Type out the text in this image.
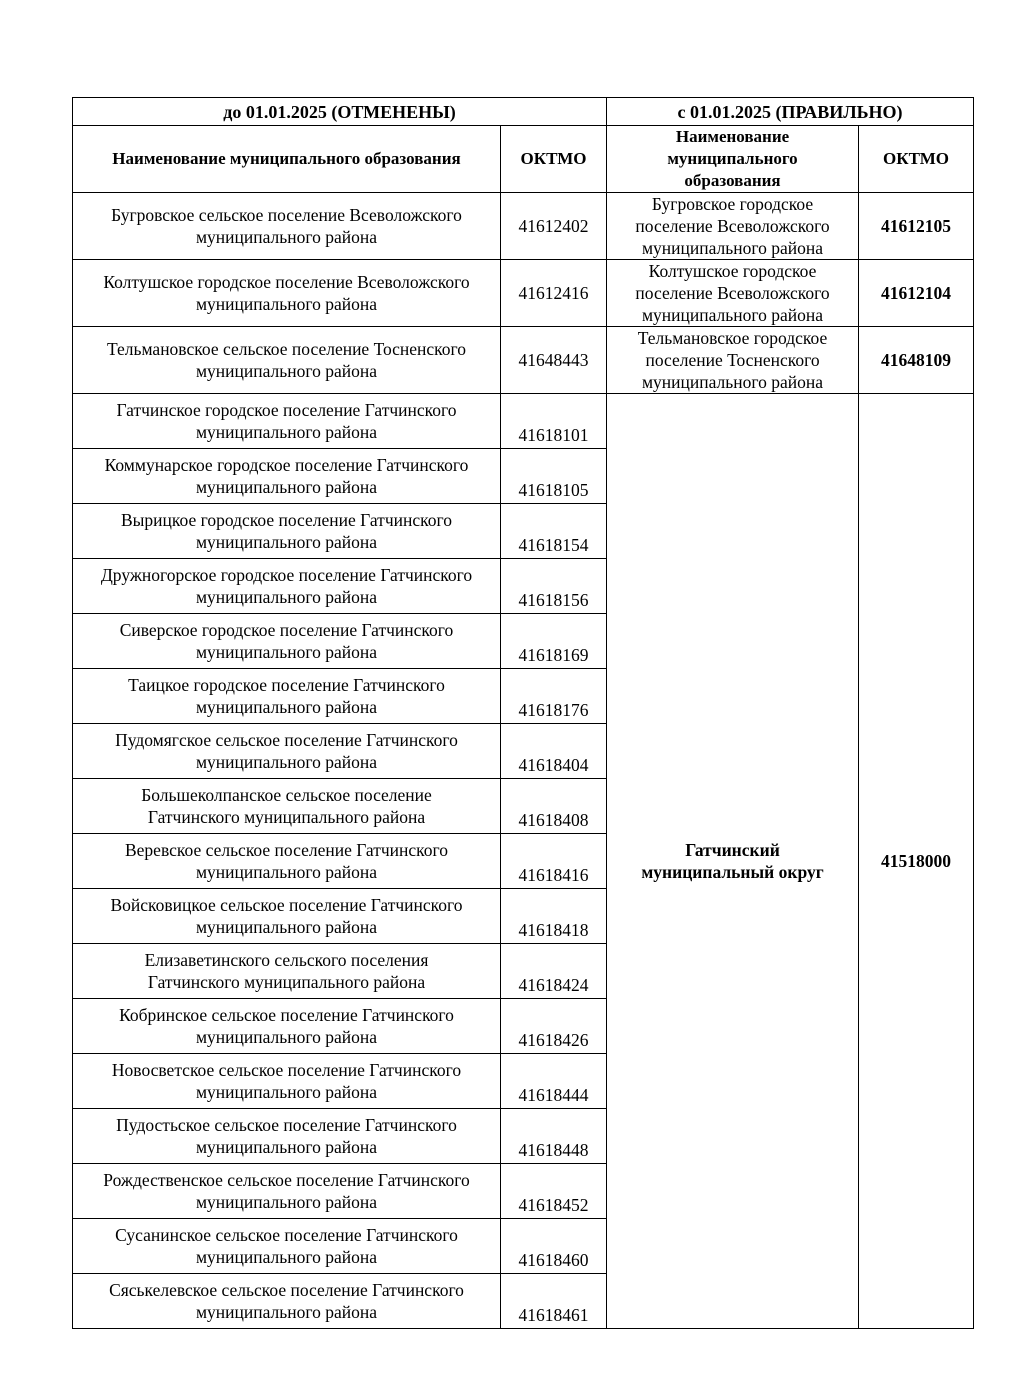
до 01.01.2025 (ОТМЕНЕНЫ)		с 01.01.2025 (ПРАВИЛЬНО)	
Наименование муниципального образования	ОКТМО	Наименование муниципального образования	ОКТМО
Бугровское сельское поселение Всеволожского муниципального района	41612402	Бугровское городское поселение Всеволожского муниципального района	41612105
Колтушское городское поселение Всеволожского муниципального района	41612416	Колтушское городское поселение Всеволожского муниципального района	41612104
Тельмановское сельское поселение Тосненского муниципального района	41648443	Тельмановское городское поселение Тосненского муниципального района	41648109
Гатчинское городское поселение Гатчинского муниципального района	41618101	Гатчинский муниципальный округ	41518000
Коммунарское городское поселение Гатчинского муниципального района	41618105		
Вырицкое городское поселение Гатчинского муниципального района	41618154		
Дружногорское городское поселение Гатчинского муниципального района	41618156		
Сиверское городское поселение Гатчинского муниципального района	41618169		
Таицкое городское поселение Гатчинского муниципального района	41618176		
Пудомягское сельское поселение Гатчинского муниципального района	41618404		
Большеколпанское сельское поселение Гатчинского муниципального района	41618408		
Веревское сельское поселение Гатчинского муниципального района	41618416		
Войсковицкое сельское поселение Гатчинского муниципального района	41618418		
Елизаветинского сельского поселения Гатчинского муниципального района	41618424		
Кобринское сельское поселение Гатчинского муниципального района	41618426		
Новосветское сельское поселение Гатчинского муниципального района	41618444		
Пудостьское сельское поселение Гатчинского муниципального района	41618448		
Рождественское сельское поселение Гатчинского муниципального района	41618452		
Сусанинское сельское поселение Гатчинского муниципального района	41618460		
Сяськелевское сельское поселение Гатчинского муниципального района	41618461		
